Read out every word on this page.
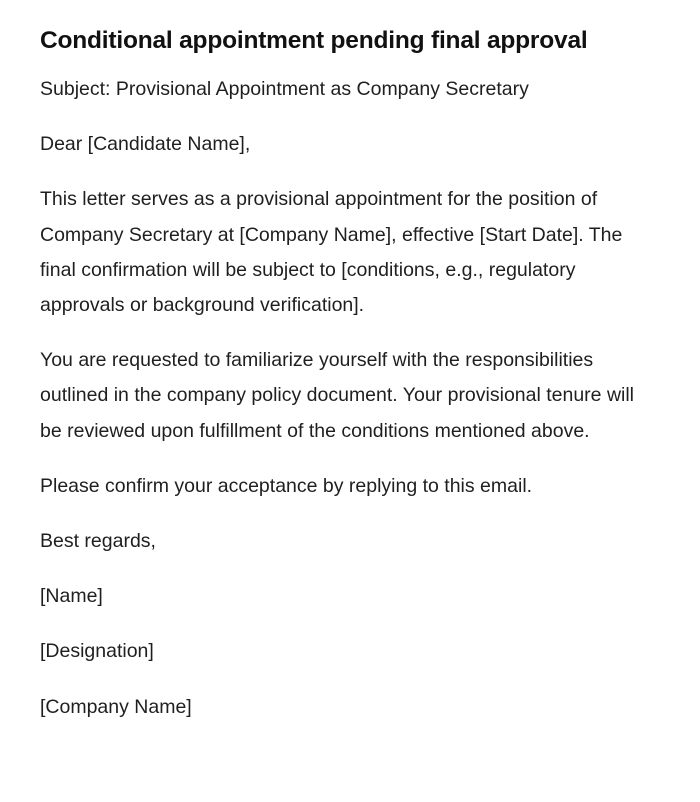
Conditional appointment pending final approval

Subject: Provisional Appointment as Company Secretary

Dear [Candidate Name],

This letter serves as a provisional appointment for the position of Company Secretary at [Company Name], effective [Start Date]. The final confirmation will be subject to [conditions, e.g., regulatory approvals or background verification].

You are requested to familiarize yourself with the responsibilities outlined in the company policy document. Your provisional tenure will be reviewed upon fulfillment of the conditions mentioned above.

Please confirm your acceptance by replying to this email.

Best regards,

[Name]

[Designation]

[Company Name]
